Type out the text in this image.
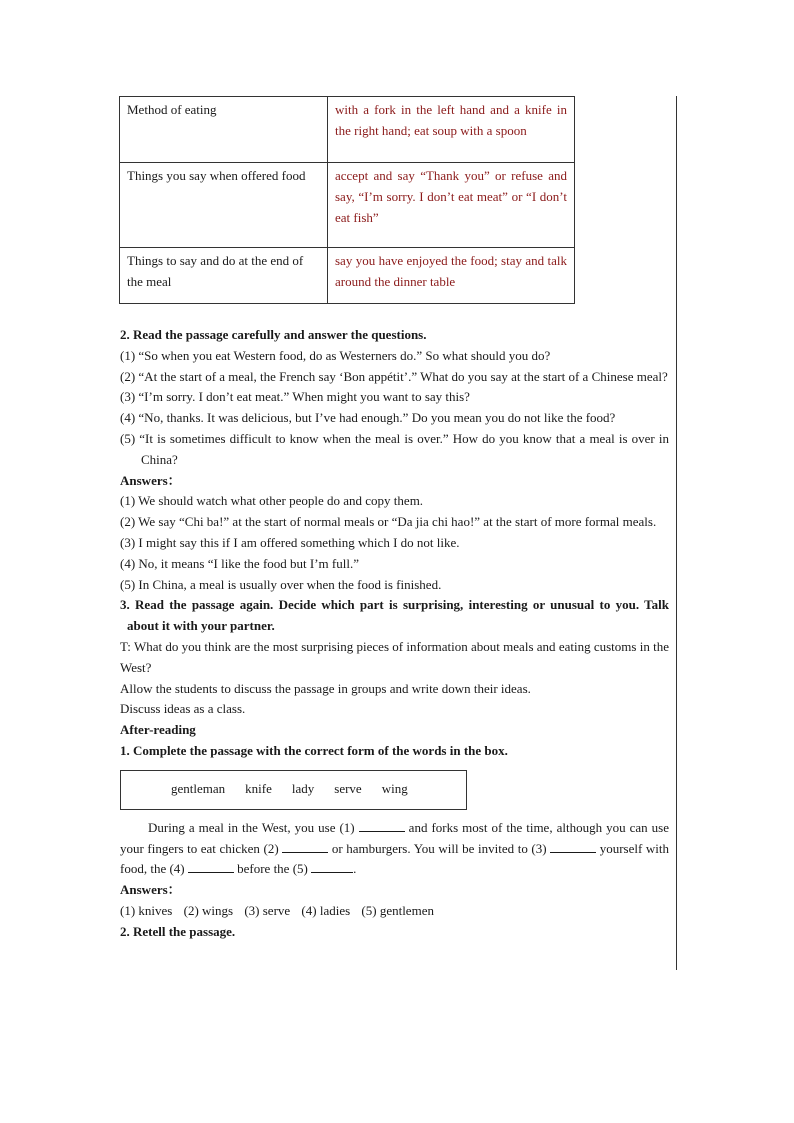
Method of eating	with a fork in the left hand and a knife in the right hand; eat soup with a spoon
Things you say when offered food	accept and say “Thank you” or refuse and say, “I’m sorry. I don’t eat meat” or “I don’t eat fish”
Things to say and do at the end of the meal	say you have enjoyed the food; stay and talk around the dinner table

2. Read the passage carefully and answer the questions.

(1) “So when you eat Western food, do as Westerners do.” So what should you do?

(2) “At the start of a meal, the French say ‘Bon appétit’.” What do you say at the start of a Chinese meal?

(3) “I’m sorry. I don’t eat meat.” When might you want to say this?

(4) “No, thanks. It was delicious, but I’ve had enough.” Do you mean you do not like the food?

(5) “It is sometimes difficult to know when the meal is over.” How do you know that a meal is over in China?

Answers：

(1) We should watch what other people do and copy them.

(2) We say “Chi ba!” at the start of normal meals or “Da jia chi hao!” at the start of more formal meals.

(3) I might say this if I am offered something which I do not like.

(4) No, it means “I like the food but I’m full.”

(5) In China, a meal is usually over when the food is finished.

3. Read the passage again. Decide which part is surprising, interesting or unusual to you. Talk about it with your partner.

T: What do you think are the most surprising pieces of information about meals and eating customs in the West?

Allow the students to discuss the passage in groups and write down their ideas.

Discuss ideas as a class.

After-reading

1. Complete the passage with the correct form of the words in the box.

gentleman knife lady serve wing

During a meal in the West, you use (1)	and forks most of the time, although you can use your fingers to eat chicken (2)	or hamburgers. You will be invited to (3)	yourself with food, the (4)	before the (5)	.

Answers：

(1) knives (2) wings (3) serve (4) ladies (5) gentlemen

2. Retell the passage.
